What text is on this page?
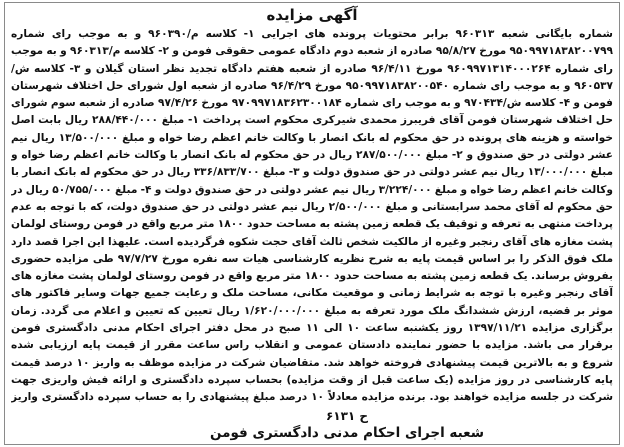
آگهی مزایده

شماره بایگانی شعبه ۹۶۰۳۱۳ برابر محتویات پرونده های اجرایی ۱- کلاسه م/۹۶۰۳۹۰ و به موجب رای شماره ۹۵۰۹۹۷۱۸۳۸۲۰۰۷۹۹ مورخ ۹۵/۸/۲۷ صادره از شعبه دوم دادگاه عمومی حقوقی فومن و ۲- کلاسه م/۹۶۰۳۱۳ و به موجب رای شماره ۹۶۰۹۹۷۱۳۱۴۰۰۰۲۶۴ مورخ ۹۶/۴/۱۱ صادره از شعبه هفتم دادگاه تجدید نظر استان گیلان و ۳- کلاسه ش/۹۶۰۵۳۷ و به موجب رای شماره ۹۵۰۹۹۷۱۸۳۸۲۰۰۵۴۰ مورخ ۹۶/۴/۲۹ صادره از شعبه اول شورای حل اختلاف شهرستان فومن و ۴- کلاسه ش/۹۷۰۴۳۴ و به موجب رای شماره ۹۷۰۹۹۷۱۸۳۶۲۳۰۰۱۸۴ مورخ ۹۷/۴/۲۶ صادره از شعبه سوم شورای حل اختلاف شهرستان فومن آقای فریبرز محمدی شیرکری محکوم است پرداخت ۱- مبلغ ۲۸۸/۴۴۰/۰۰۰ ریال بابت اصل خواسته و هزینه های پرونده در حق محکوم له بانک انصار با وکالت خانم اعظم رضا خواه و مبلغ ۱۳/۵۰۰/۰۰۰ ریال نیم عشر دولتی در حق صندوق و ۲- مبلغ ۲۸۷/۵۰۰/۰۰۰ ریال در حق محکوم له بانک انصار با وکالت خانم اعظم رضا خواه و مبلغ ۱۳/۰۰۰/۰۰۰ ریال نیم عشر دولتی در حق صندوق دولت و ۳- مبلغ ۳۳۶/۸۳۳/۷۰۰ ریال در حق محکوم له بانک انصار با وکالت خانم اعظم رضا خواه و مبلغ ۳/۲۲۴/۰۰۰ ریال نیم عشر دولتی در حق صندوق دولت و ۴- مبلغ ۵۰/۷۵۵/۰۰۰ ریال در حق محکوم له آقای محمد سرابستانی و مبلغ ۲/۵۰۰/۰۰۰ ریال نیم عشر دولتی در حق صندوق دولت، که با توجه به عدم پرداخت منتهی به تعرفه و توقیف یک قطعه زمین پشته به مساحت حدود ۱۸۰۰ متر مربع واقع در فومن روستای لولمان پشت مغازه های آقای رنجبر وغیره از مالکیت شخص ثالث آقای حجت شکوه فرگردیده است. علیهذا این اجرا قصد دارد ملک فوق الذکر را بر اساس قیمت پایه به شرح نظریه کارشناسی هیات سه نفره مورخ ۹۷/۷/۲۷ طی مزایده حضوری بفروش برساند. یک قطعه زمین پشته به مساحت حدود ۱۸۰۰ متر مربع واقع در فومن روستای لولمان پشت مغازه های آقای رنجبر وغیره با توجه به شرایط زمانی و موقعیت مکانی، مساحت ملک و رعایت جمیع جهات وسایر فاکتور های موثر بر قضیه، ارزش ششدانگ ملک مورد تعرفه به مبلغ ۱/۶۲۰/۰۰۰/۰۰۰ ریال تعیین که تعیین و اعلام می گردد. زمان برگزاری مزایده ۱۳۹۷/۱۱/۲۱ روز یکشنبه ساعت ۱۰ الی ۱۱ صبح در محل دفتر اجرای احکام مدنی دادگستری فومن برقرار می باشد. مزایده با حضور نماینده دادستان عمومی و انقلاب راس ساعت مقرر از قیمت پایه ارزیابی شده شروع و به بالاترین قیمت پیشنهادی فروخته خواهد شد. متقاضیان شرکت در مزایده موظف به واریز ۱۰ درصد قیمت پایه کارشناسی در روز مزایده (یک ساعت قبل از وقت مزایده) بحساب سپرده دادگستری و ارائه فیش واریزی جهت شرکت در جلسه مزایده خواهند بود. برنده مزایده معادلاً ۱۰ درصد مبلغ پیشنهادی را به حساب سپرده دادگستری واریز

ح ۶۱۳۱
شعبه اجرای احکام مدنی دادگستری فومن
